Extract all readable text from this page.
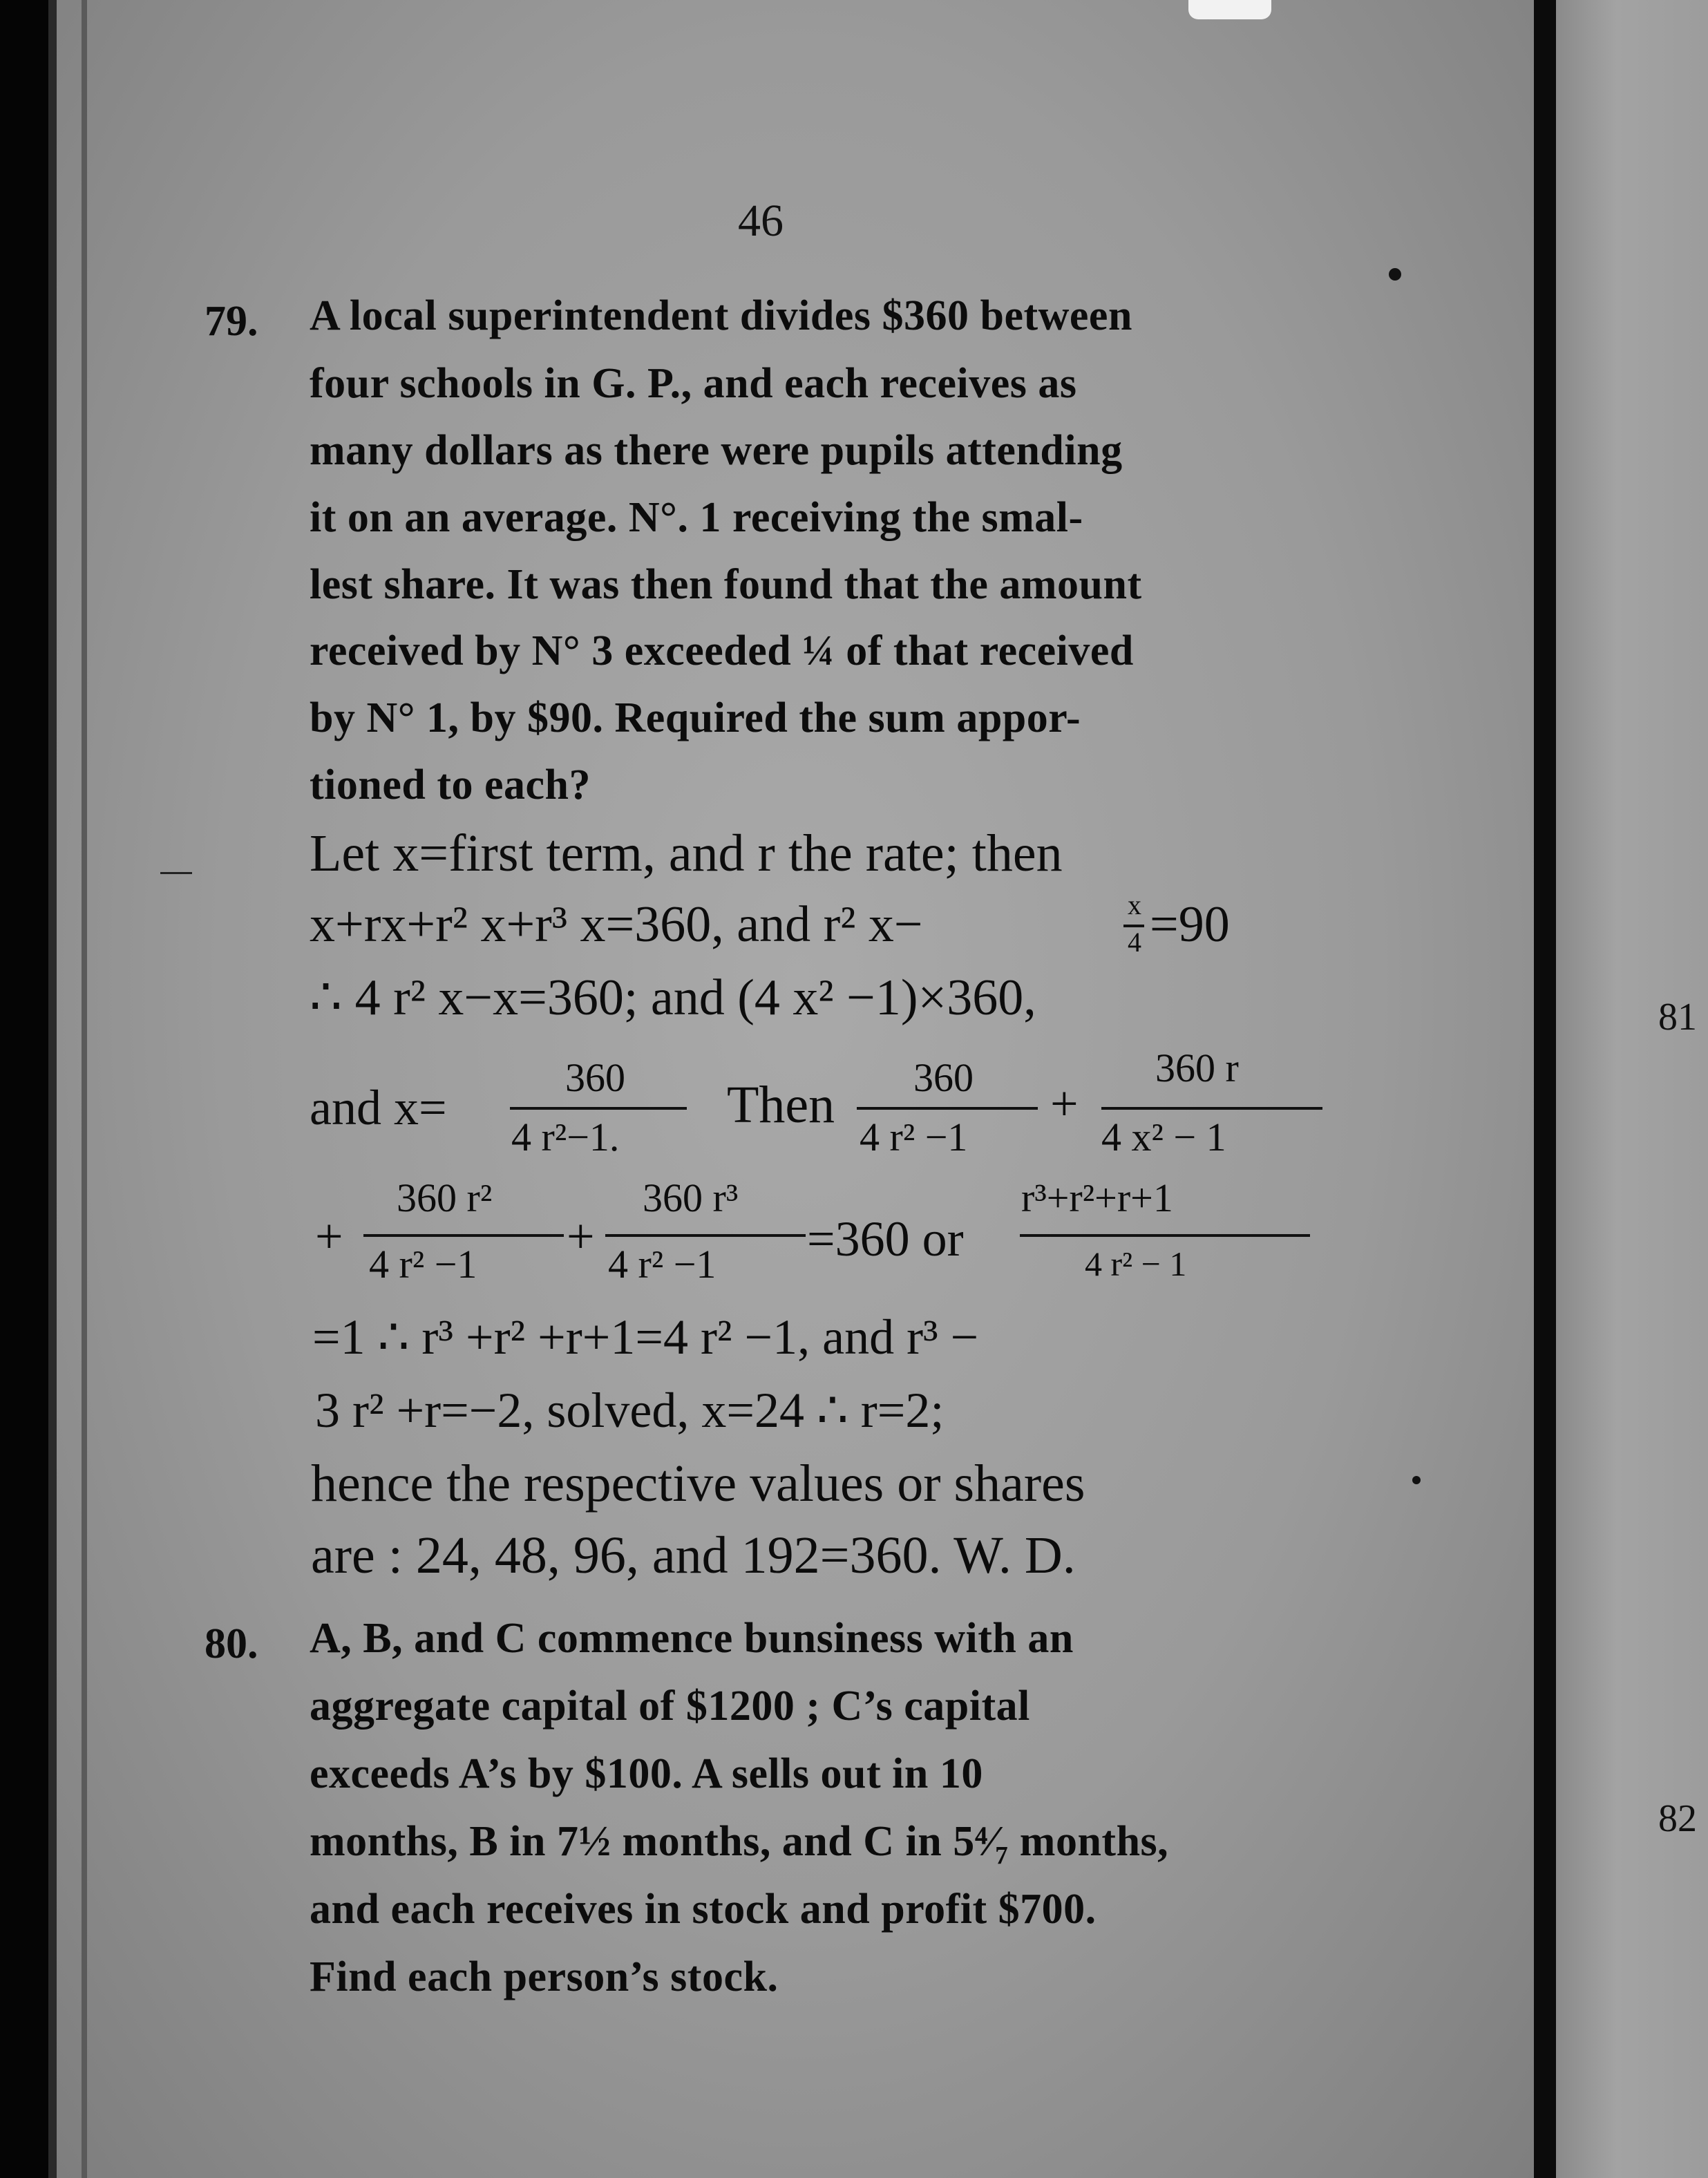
81
82
46
79. A local superintendent divides $360 between
four schools in G. P., and each receives as
many dollars as there were pupils attending
it on an average. N°. 1 receiving the smal-
lest share. It was then found that the amount
received by N° 3 exceeded ¼ of that received
by N° 1, by $90. Required the sum appor-
tioned to each?
Let x=first term, and r the rate; then
x+rx+r² x+r³ x=360, and r² x−	x
4 =90
∴ 4 r² x−x=360; and (4 x² −1)×360,
and x=
360
4 r²−1.
Then 360
4 r² −1
+
360 r
4 x² − 1
+
360 r²
4 r² −1
+
360 r³
4 r² −1 =360 or
r³+r²+r+1
4 r² − 1
=1 ∴ r³ +r² +r+1=4 r² −1, and r³ −
3 r² +r=−2, solved, x=24 ∴ r=2;
hence the respective values or shares
are : 24, 48, 96, and 192=360. W. D.
80. A, B, and C commence bunsiness with an
aggregate capital of $1200 ; C’s capital
exceeds A’s by $100. A sells out in 10
months, B in 7½ months, and C in 5⁴⁄₇ months,
and each receives in stock and profit $700.
Find each person’s stock.
